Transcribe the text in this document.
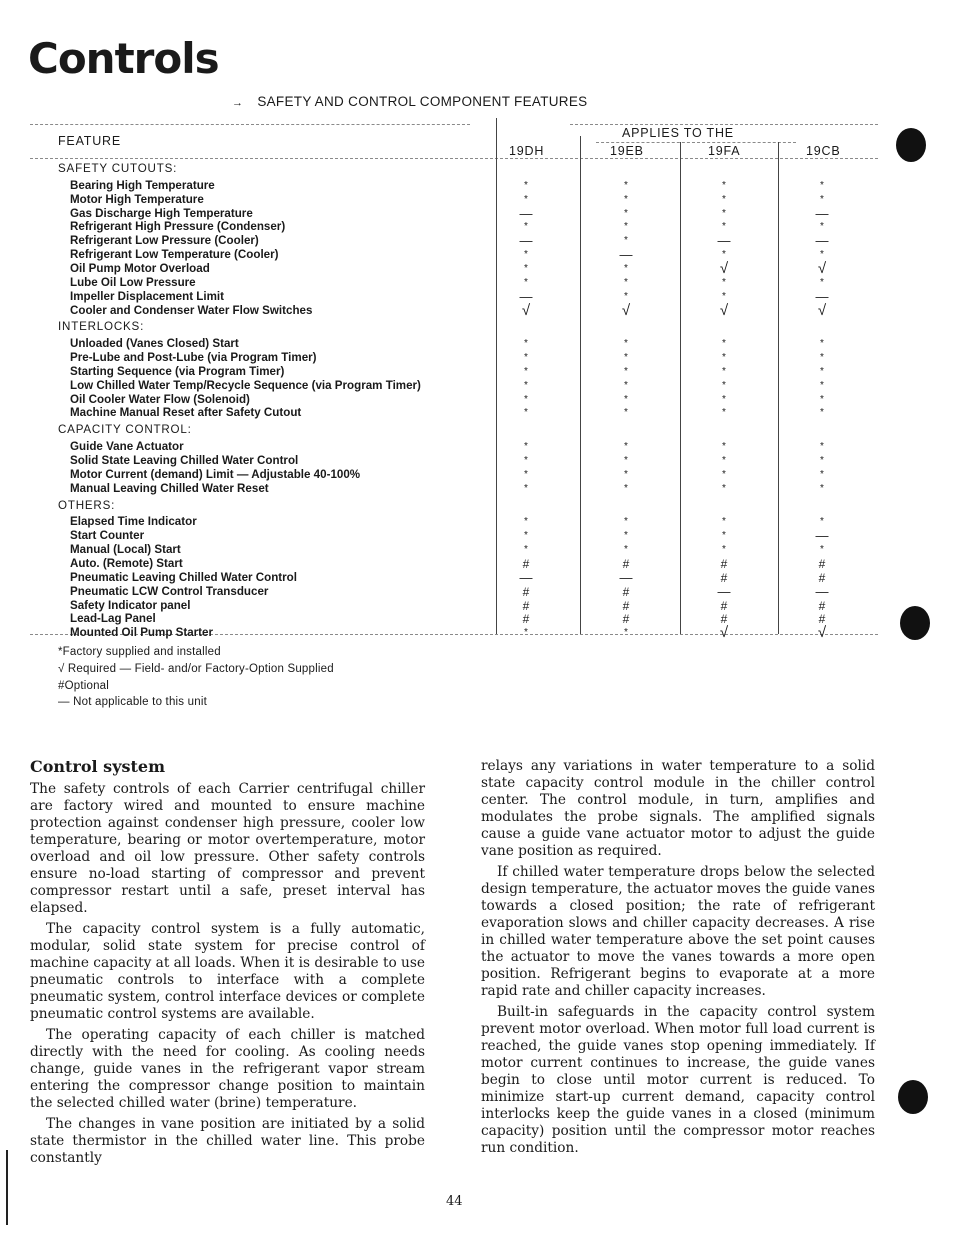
Controls
→ SAFETY AND CONTROL COMPONENT FEATURES
FEATURE
APPLIES TO THE
19DH	19EB	19FA	19CB
SAFETY CUTOUTS:
Bearing High Temperature	*	*	*	*
Motor High Temperature	*	*	*	*
Gas Discharge High Temperature	—	*	*	—
Refrigerant High Pressure (Condenser)	*	*	*	*
Refrigerant Low Pressure (Cooler)	—	*	—	—
Refrigerant Low Temperature (Cooler)	*	—	*	*
Oil Pump Motor Overload	*	*	√	√
Lube Oil Low Pressure	*	*	*	*
Impeller Displacement Limit	—	*	*	—
Cooler and Condenser Water Flow Switches	√	√	√	√
INTERLOCKS:
Unloaded (Vanes Closed) Start	*	*	*	*
Pre-Lube and Post-Lube (via Program Timer)	*	*	*	*
Starting Sequence (via Program Timer)	*	*	*	*
Low Chilled Water Temp/Recycle Sequence (via Program Timer)	*	*	*	*
Oil Cooler Water Flow (Solenoid)	*	*	*	*
Machine Manual Reset after Safety Cutout	*	*	*	*
CAPACITY CONTROL:
Guide Vane Actuator	*	*	*	*
Solid State Leaving Chilled Water Control	*	*	*	*
Motor Current (demand) Limit — Adjustable 40-100%	*	*	*	*
Manual Leaving Chilled Water Reset	*	*	*	*
OTHERS:
Elapsed Time Indicator	*	*	*	*
Start Counter	*	*	*	—
Manual (Local) Start	*	*	*	*
Auto. (Remote) Start	#	#	#	#
Pneumatic Leaving Chilled Water Control	—	—	#	#
Pneumatic LCW Control Transducer	#	#	—	—
Safety Indicator panel	#	#	#	#
Lead-Lag Panel	#	#	#	#
Mounted Oil Pump Starter	*	*	√	√
*Factory supplied and installed
√ Required — Field- and/or Factory-Option Supplied
#Optional
— Not applicable to this unit
Control system

The safety controls of each Carrier centrifugal chiller are factory wired and mounted to ensure machine protection against condenser high pressure, cooler low temperature, bearing or motor overtemperature, motor overload and oil low pressure. Other safety controls ensure no-load starting of compressor and prevent compressor restart until a safe, preset interval has elapsed.

The capacity control system is a fully automatic, modular, solid state system for precise control of machine capacity at all loads. When it is desirable to use pneumatic controls to interface with a complete pneumatic system, control interface devices or complete pneumatic control systems are available.

The operating capacity of each chiller is matched directly with the need for cooling. As cooling needs change, guide vanes in the refrigerant vapor stream entering the compressor change position to maintain the selected chilled water (brine) temperature.

The changes in vane position are initiated by a solid state thermistor in the chilled water line. This probe constantly

relays any variations in water temperature to a solid state capacity control module in the chiller control center. The control module, in turn, amplifies and modulates the probe signals. The amplified signals cause a guide vane actuator motor to adjust the guide vane position as required.

If chilled water temperature drops below the selected design temperature, the actuator moves the guide vanes towards a closed position; the rate of refrigerant evaporation slows and chiller capacity decreases. A rise in chilled water temperature above the set point causes the actuator to move the vanes towards a more open position. Refrigerant begins to evaporate at a more rapid rate and chiller capacity increases.

Built-in safeguards in the capacity control system prevent motor overload. When motor full load current is reached, the guide vanes stop opening immediately. If motor current continues to increase, the guide vanes begin to close until motor current is reduced. To minimize start-up current demand, capacity control interlocks keep the guide vanes in a closed (minimum capacity) position until the compressor motor reaches run condition.

44
